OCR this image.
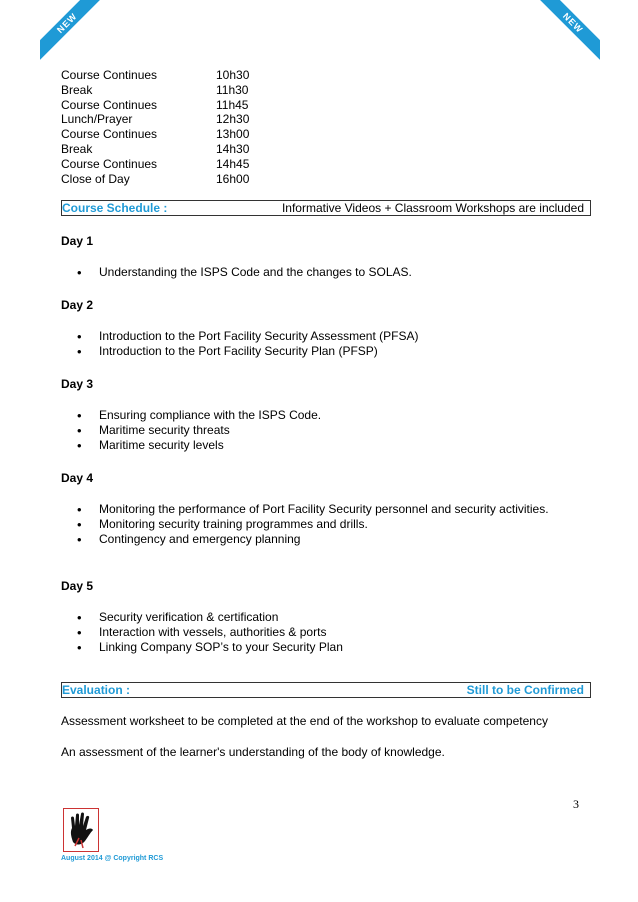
NEW	NEW
Course Continues	10h30
Break	11h30
Course Continues	11h45
Lunch/Prayer	12h30
Course Continues	13h00
Break	14h30
Course Continues	14h45
Close of Day	16h00
Course Schedule :	Informative Videos + Classroom Workshops are included
Day 1
• Understanding the ISPS Code and the changes to SOLAS.
Day 2
• Introduction to the Port Facility Security Assessment (PFSA)
• Introduction to the Port Facility Security Plan (PFSP)
Day 3
• Ensuring compliance with the ISPS Code.
• Maritime security threats
• Maritime security levels
Day 4
• Monitoring the performance of Port Facility Security personnel and security activities.
• Monitoring security training programmes and drills.
• Contingency and emergency planning
Day 5
• Security verification & certification
• Interaction with vessels, authorities & ports
• Linking Company SOP’s to your Security Plan
Evaluation :	Still to be Confirmed

Assessment worksheet to be completed at the end of the workshop to evaluate competency

An assessment of the learner's understanding of the body of knowledge.

3
August 2014 @ Copyright RCS
